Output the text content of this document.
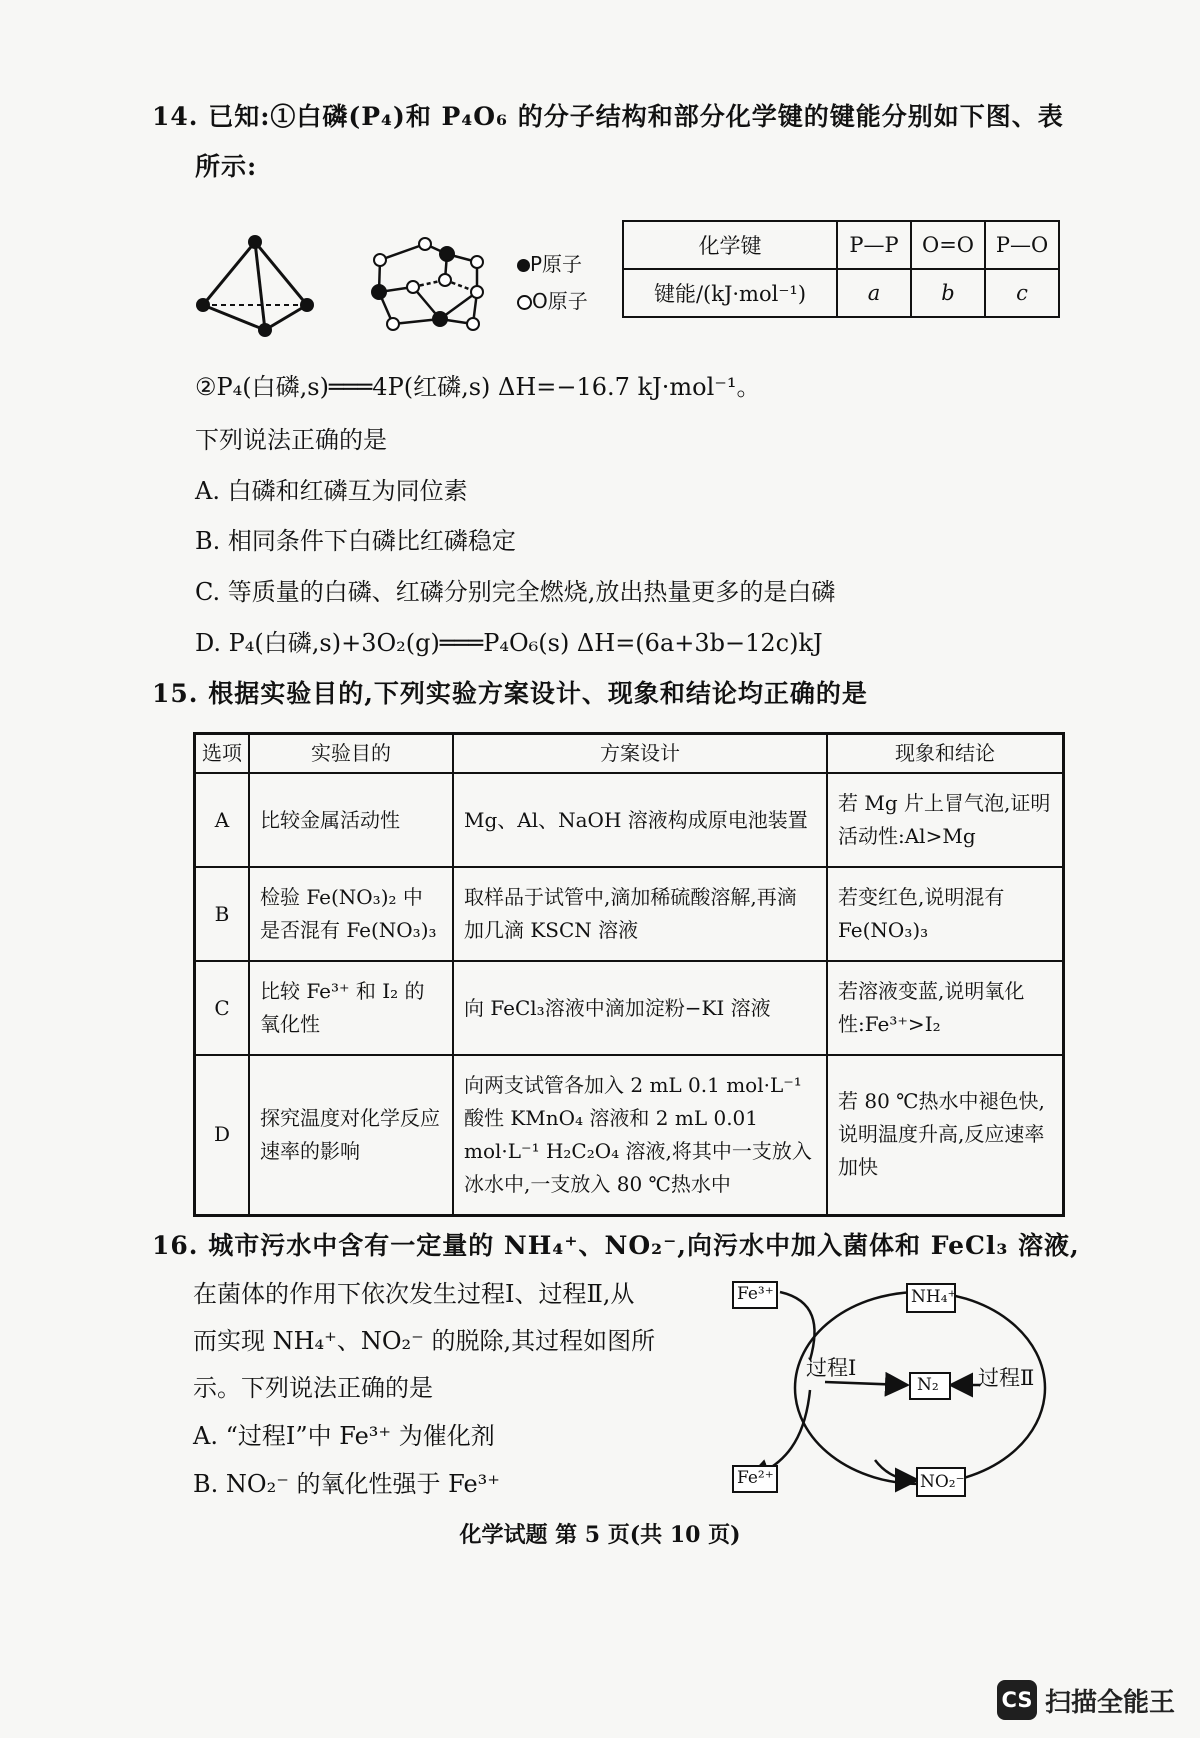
14. 已知:①白磷(P₄)和 P₄O₆ 的分子结构和部分化学键的键能分别如下图、表
所示:
P原子
O原子
化学键	P—P	O=O	P—O
键能/(kJ·mol⁻¹)	a	b	c
②P₄(白磷,s)═══4P(红磷,s) ΔH=−16.7 kJ·mol⁻¹。
下列说法正确的是
A. 白磷和红磷互为同位素
B. 相同条件下白磷比红磷稳定
C. 等质量的白磷、红磷分别完全燃烧,放出热量更多的是白磷
D. P₄(白磷,s)+3O₂(g)═══P₄O₆(s) ΔH=(6a+3b−12c)kJ
15. 根据实验目的,下列实验方案设计、现象和结论均正确的是
选项	实验目的	方案设计	现象和结论
A	比较金属活动性	Mg、Al、NaOH 溶液构成原电池装置	若 Mg 片上冒气泡,证明活动性:Al>Mg
B	检验 Fe(NO₃)₂ 中是否混有 Fe(NO₃)₃	取样品于试管中,滴加稀硫酸溶解,再滴加几滴 KSCN 溶液	若变红色,说明混有 Fe(NO₃)₃
C	比较 Fe³⁺ 和 I₂ 的氧化性	向 FeCl₃溶液中滴加淀粉−KI 溶液	若溶液变蓝,说明氧化性:Fe³⁺>I₂
D	探究温度对化学反应速率的影响	向两支试管各加入 2 mL 0.1 mol·L⁻¹酸性 KMnO₄ 溶液和 2 mL 0.01 mol·L⁻¹ H₂C₂O₄ 溶液,将其中一支放入冰水中,一支放入 80 ℃热水中	若 80 ℃热水中褪色快,说明温度升高,反应速率加快
16. 城市污水中含有一定量的 NH₄⁺、NO₂⁻,向污水中加入菌体和 FeCl₃ 溶液,
在菌体的作用下依次发生过程Ⅰ、过程Ⅱ,从
而实现 NH₄⁺、NO₂⁻ 的脱除,其过程如图所
示。下列说法正确的是
A. “过程Ⅰ”中 Fe³⁺ 为催化剂
B. NO₂⁻ 的氧化性强于 Fe³⁺
Fe³⁺	NH₄⁺
N₂
Fe²⁺	NO₂⁻
过程Ⅰ	过程Ⅱ
化学试题 第 5 页(共 10 页)
CS 扫描全能王
